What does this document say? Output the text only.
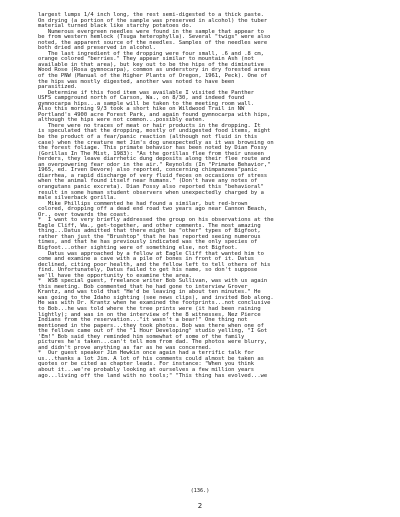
largest lumps 1/4 inch long, the rest semi-digested to a thick paste.

On drying (a portion of the sample was preserved in alcohol) the tuber

material turned black like starchy potatoes do.

Numerous evergreen needles were found in the sample that appear to

be from western hemlock (Tsuga heterophylla). Several "twigs" were also

noted, the apparent source of the needles. Samples of the needles were

both dried and preserved in alcohol.

The last ingredient of the dropping were four small, .6 and .8 cm,

orange colored "berries." They appear similar to mountain Ash (not

available in that area), but key out to be the hips of the diminutive

Wood Rose (Rosa gymnocarpa), common as understory in dry forested areas

of the PNW (Manual of the Higher Plants of Oregon, 1961, Peck). One of

the hips was mostly digested, another was noted to have been

parasitized.

Determine if this food item was available I visited the Panther

USFS campground north of Carson, Wa., on 8/30, and indeed found

gymnocarpa hips...a sample will be taken to the meeting room wall.

Also this morning 9/3 took a short hike on Wildwood Trail in NW

Portland's 4900 acre Forest Park, and again found gymnocarpa with hips,

although the hips were not common...possibly eaten.

There were no traces of meat or hair products in the dropping. It

is speculated that the dropping, mostly of undigested food items, might

be the product of a fear/panic reaction (although not fluid in this

case) when the creature met Jim's dog unexpectedly as it was browsing on

the forest foliage. This primate behavior has been noted by Dian Fossy

(Gorillas In The Mist, 1983): "As the gorillas flee from their unseen

herders, they leave diarrhetic dung deposits along their flee route and

an overpowering fear odor in the air." Reynolds (In "Primate Behavior,"

1965, ed. Irven Devore) also reported, concerning chimpanzees"panic

diarrhea, a rapid discharge of very fluid feces on occasions of stress

when the animal found itself near humans." (Don't have any notes of

orangutans panic excreta). Dian Fossy also reported this "behavioral"

result in some human student observers when unexpectedly charged by a

male silverback gorilla.

Mike Phillips commented he had found a similar, but red-brown

colored, dropping off a dead end road two years ago near Cannon Beach,

Or., over towards the coast.

*  I want to very briefly addressed the group on his observations at the

Eagle Cliff, Wa., get-together, and other comments. The most amazing

thing...Datus admitted that there might be "other" types of Bigfoot,

rather than just the "Brushtop" that he has reported seeing numerous

times, and that he has previously indicated was the only species of

Bigfoot...other sighting were of something else, not Bigfoot.

Datus was approached by a fellow at Eagle Cliff that wanted him to

come and examine a cave with a pile of bones in front of it. Datus

declined, citing poor health, and the fellow left to tell others of his

find. Unfortunately, Datus failed to get his name, so don't suppose

we'll have the opportunity to examine the area.

*  WSB special guest, freelance writer Bob Sullivan, was with us again

this meeting. Bob commented that he had gone to interview Grover

Krantz, and was told that "He'd be leaving in about ten minutes." He

was going to the Idaho sighting (see news clips), and invited Bob along.

He was with Dr. Krantz when he examined the footprints...not conclusive

to Bob...he was told where the tree prints were (it had been raining

lightly); and was in on the interview of the 8 witnesses, Nez Pierce

Indians from the reservation..."it wasn't a bear!" One thing not

mentioned in the papers...they took photos. Bob was there when one of

the fellows came out of the "1 Hour Developing" studio yelling, "I Got

'Em!" Bob said they reminded him somewhat of some of the family

pictures he's taken...can't tell mom from dad. The photos were blurry,

and didn't prove anything as far as he was concerned.

*  Our guest speaker Jim Hewkin once again had a terrific talk for

us...thanks a lot Jim. A lot of his comments could almost be taken as

quotes or be cited as chapter leads. For instance: "When you think

about it...we're probably looking at ourselves a few million years

ago...living off the land with no tools;" "This thing has evolved...we

(136.)
2
